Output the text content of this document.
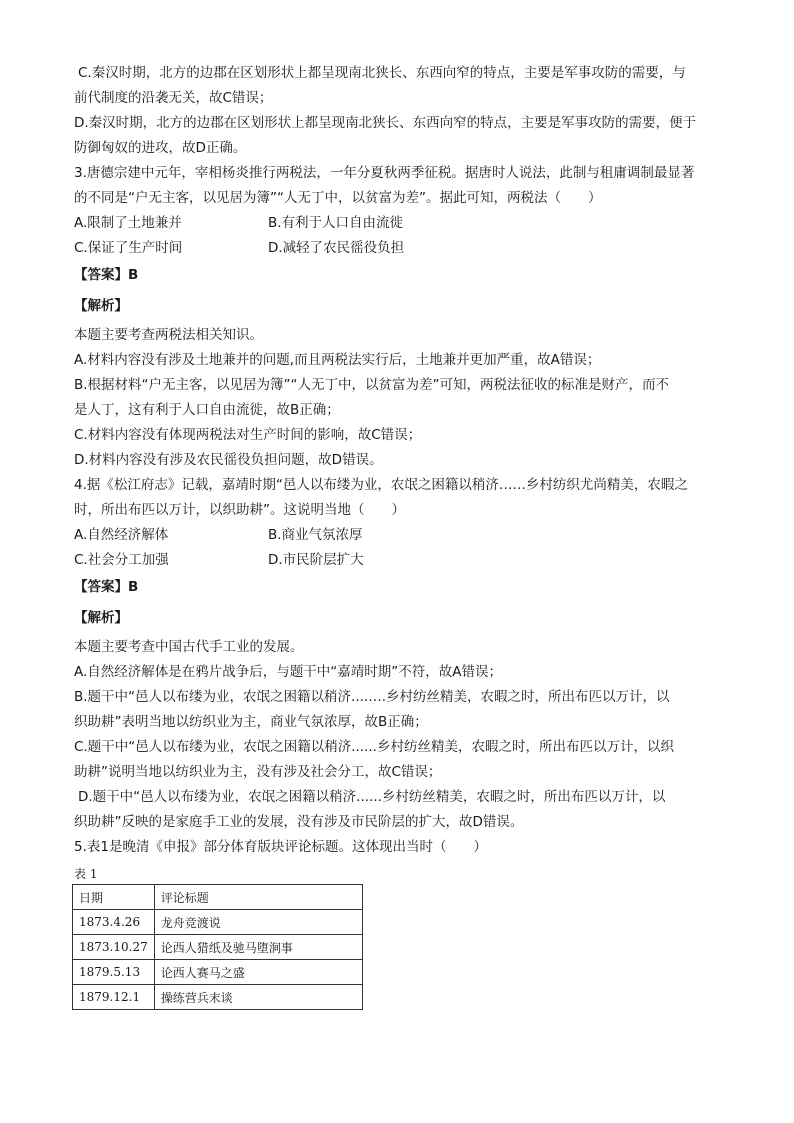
C.秦汉时期，北方的边郡在区划形状上都呈现南北狭长、东西向窄的特点，主要是军事攻防的需要，与
前代制度的沿袭无关，故C错误；
D.秦汉时期，北方的边郡在区划形状上都呈现南北狭长、东西向窄的特点，主要是军事攻防的需要，便于
防御匈奴的进攻，故D正确。
3.唐德宗建中元年，宰相杨炎推行两税法，一年分夏秋两季征税。据唐时人说法，此制与租庸调制最显著
的不同是“户无主客，以见居为簿”“人无丁中，以贫富为差”。据此可知，两税法（　　）
A.限制了土地兼并	B.有利于人口自由流徙
C.保证了生产时间	D.减轻了农民徭役负担
【答案】B
【解析】
本题主要考查两税法相关知识。
A.材料内容没有涉及土地兼并的问题,而且两税法实行后，土地兼并更加严重，故A错误；
B.根据材料“户无主客，以见居为簿”“人无丁中，以贫富为差”可知，两税法征收的标准是财产，而不
是人丁，这有利于人口自由流徙，故B正确；
C.材料内容没有体现两税法对生产时间的影响，故C错误；
D.材料内容没有涉及农民徭役负担问题，故D错误。
4.据《松江府志》记载，嘉靖时期“邑人以布缕为业，农氓之困籍以稍济……乡村纺织尤尚精美，农暇之
时，所出布匹以万计，以织助耕”。这说明当地（　　）
A.自然经济解体	B.商业气氛浓厚
C.社会分工加强	D.市民阶层扩大
【答案】B
【解析】
本题主要考查中国古代手工业的发展。
A.自然经济解体是在鸦片战争后，与题干中“嘉靖时期”不符，故A错误；
B.题干中“邑人以布缕为业，农氓之困籍以稍济....….乡村纺丝精美，农暇之时，所出布匹以万计，以
织助耕”表明当地以纺织业为主，商业气氛浓厚，故B正确；
C.题干中“邑人以布缕为业，农氓之困籍以稍济......乡村纺丝精美，农暇之时，所出布匹以万计，以织
助耕”说明当地以纺织业为主，没有涉及社会分工，故C错误；
D.题干中“邑人以布缕为业，农氓之困籍以稍济......乡村纺丝精美，农暇之时，所出布匹以万计，以
织助耕”反映的是家庭手工业的发展，没有涉及市民阶层的扩大，故D错误。
5.表1是晚清《申报》部分体育版块评论标题。这体现出当时（　　）
表 1
日期	评论标题
1873.4.26	龙舟竞渡说
1873.10.27	论西人猎纸及驰马堕涧事
1879.5.13	论西人赛马之盛
1879.12.1	操练营兵末谈
